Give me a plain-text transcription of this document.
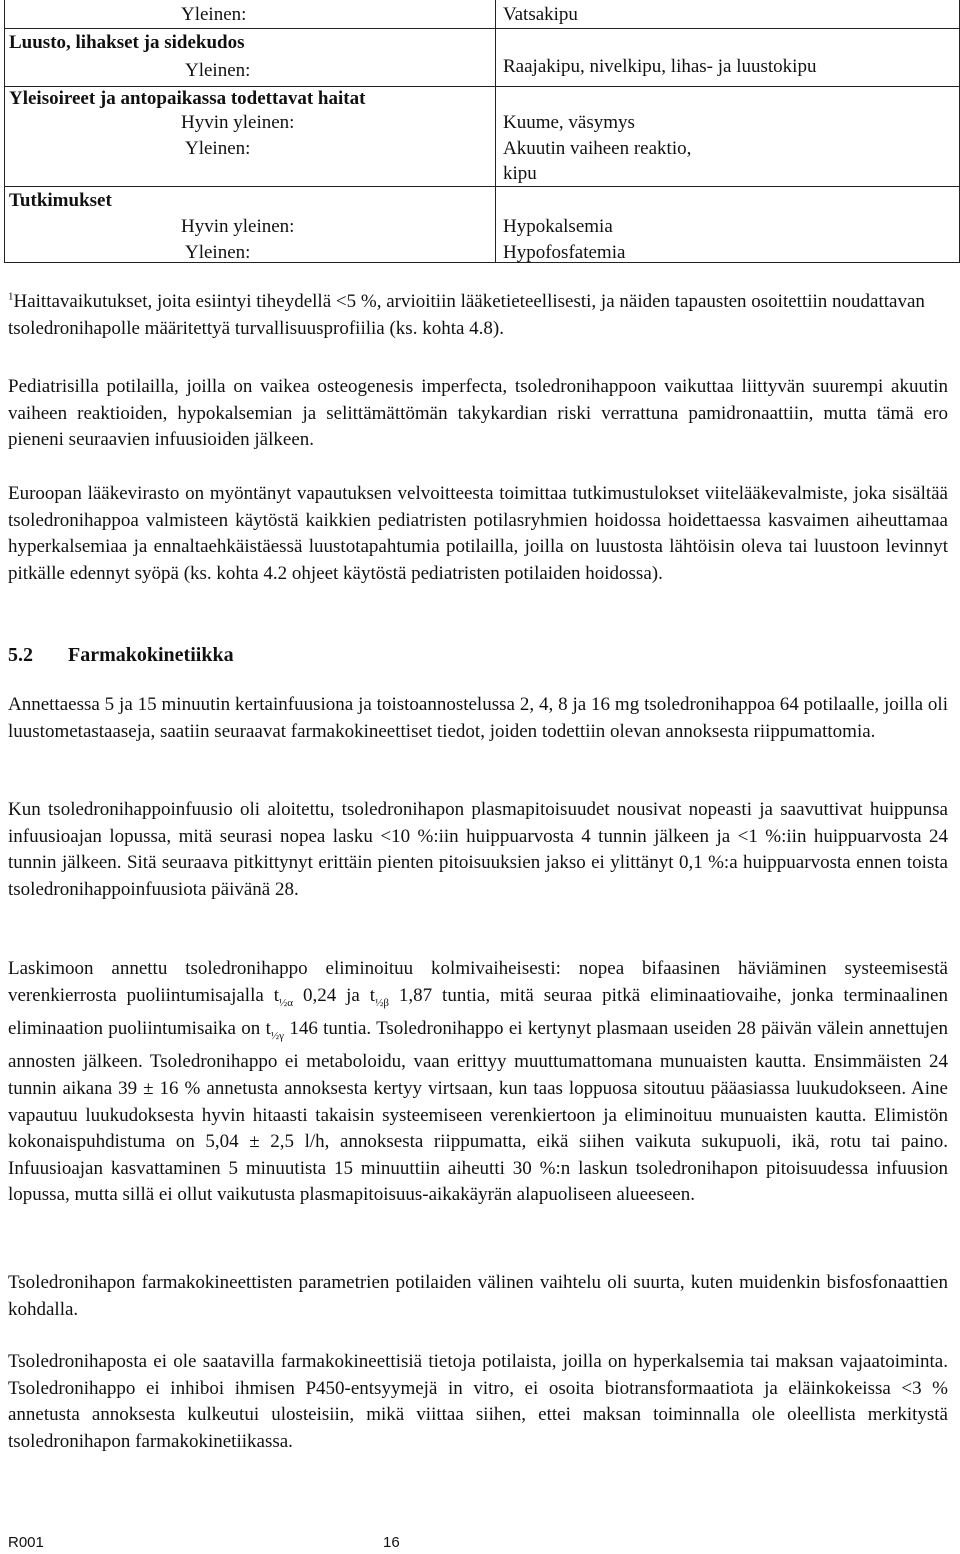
Yleinen:	Vatsakipu
Luusto, lihakset ja sidekudos
Yleinen:	Raajakipu, nivelkipu, lihas- ja luustokipu
Yleisoireet ja antopaikassa todettavat haitat
Hyvin yleinen:	Kuume, väsymys
Yleinen:	Akuutin vaiheen reaktio,
kipu
Tutkimukset
Hyvin yleinen:	Hypokalsemia
Yleinen:	Hypofosfatemia

$^1$Haittavaikutukset, joita esiintyi tiheydellä <5 %, arvioitiin lääketieteellisesti, ja näiden tapausten osoitettiin noudattavan tsoledronihapolle määritettyä turvallisuusprofiilia (ks. kohta 4.8).

Pediatrisilla potilailla, joilla on vaikea osteogenesis imperfecta, tsoledronihappoon vaikuttaa liittyvän suurempi akuutin vaiheen reaktioiden, hypokalsemian ja selittämättömän takykardian riski verrattuna pamidronaattiin, mutta tämä ero pieneni seuraavien infuusioiden jälkeen.

Euroopan lääkevirasto on myöntänyt vapautuksen velvoitteesta toimittaa tutkimustulokset viitelääkevalmiste, joka sisältää tsoledronihappoa valmisteen käytöstä kaikkien pediatristen potilasryhmien hoidossa hoidettaessa kasvaimen aiheuttamaa hyperkalsemiaa ja ennaltaehkäistäessä luustotapahtumia potilailla, joilla on luustosta lähtöisin oleva tai luustoon levinnyt pitkälle edennyt syöpä (ks. kohta 4.2 ohjeet käytöstä pediatristen potilaiden hoidossa).

5.2 Farmakokinetiikka

Annettaessa 5 ja 15 minuutin kertainfuusiona ja toistoannostelussa 2, 4, 8 ja 16 mg tsoledronihappoa 64 potilaalle, joilla oli luustometastaaseja, saatiin seuraavat farmakokineettiset tiedot, joiden todettiin olevan annoksesta riippumattomia.

Kun tsoledronihappoinfuusio oli aloitettu, tsoledronihapon plasmapitoisuudet nousivat nopeasti ja saavuttivat huippunsa infuusioajan lopussa, mitä seurasi nopea lasku <10 %:iin huippuarvosta 4 tunnin jälkeen ja <1 %:iin huippuarvosta 24 tunnin jälkeen. Sitä seuraava pitkittynyt erittäin pienten pitoisuuksien jakso ei ylittänyt 0,1 %:a huippuarvosta ennen toista tsoledronihappoinfuusiota päivänä 28.

Laskimoon annettu tsoledronihappo eliminoituu kolmivaiheisesti: nopea bifaasinen häviäminen systeemisestä verenkierrosta puoliintumisajalla $t_{\frac{1}{2}\alpha}$ 0,24 ja $t_{\frac{1}{2}\beta}$ 1,87 tuntia, mitä seuraa pitkä eliminaatiovaihe, jonka terminaalinen eliminaation puoliintumisaika on $t_{\frac{1}{2}\gamma}$ 146 tuntia. Tsoledronihappo ei kertynyt plasmaan useiden 28 päivän välein annettujen annosten jälkeen. Tsoledronihappo ei metaboloidu, vaan erittyy muuttumattomana munuaisten kautta. Ensimmäisten 24 tunnin aikana 39 ± 16 % annetusta annoksesta kertyy virtsaan, kun taas loppuosa sitoutuu pääasiassa luukudokseen. Aine vapautuu luukudoksesta hyvin hitaasti takaisin systeemiseen verenkiertoon ja eliminoituu munuaisten kautta. Elimistön kokonaispuhdistuma on 5,04 ± 2,5 l/h, annoksesta riippumatta, eikä siihen vaikuta sukupuoli, ikä, rotu tai paino. Infuusioajan kasvattaminen 5 minuutista 15 minuuttiin aiheutti 30 %:n laskun tsoledronihapon pitoisuudessa infuusion lopussa, mutta sillä ei ollut vaikutusta plasmapitoisuus-aikakäyrän alapuoliseen alueeseen.

Tsoledronihapon farmakokineettisten parametrien potilaiden välinen vaihtelu oli suurta, kuten muidenkin bisfosfonaattien kohdalla.

Tsoledronihaposta ei ole saatavilla farmakokineettisiä tietoja potilaista, joilla on hyperkalsemia tai maksan vajaatoiminta. Tsoledronihappo ei inhiboi ihmisen P450-entsyymejä in vitro, ei osoita biotransformaatiota ja eläinkokeissa <3 % annetusta annoksesta kulkeutui ulosteisiin, mikä viittaa siihen, ettei maksan toiminnalla ole oleellista merkitystä tsoledronihapon farmakokinetiikassa.

R001	16
